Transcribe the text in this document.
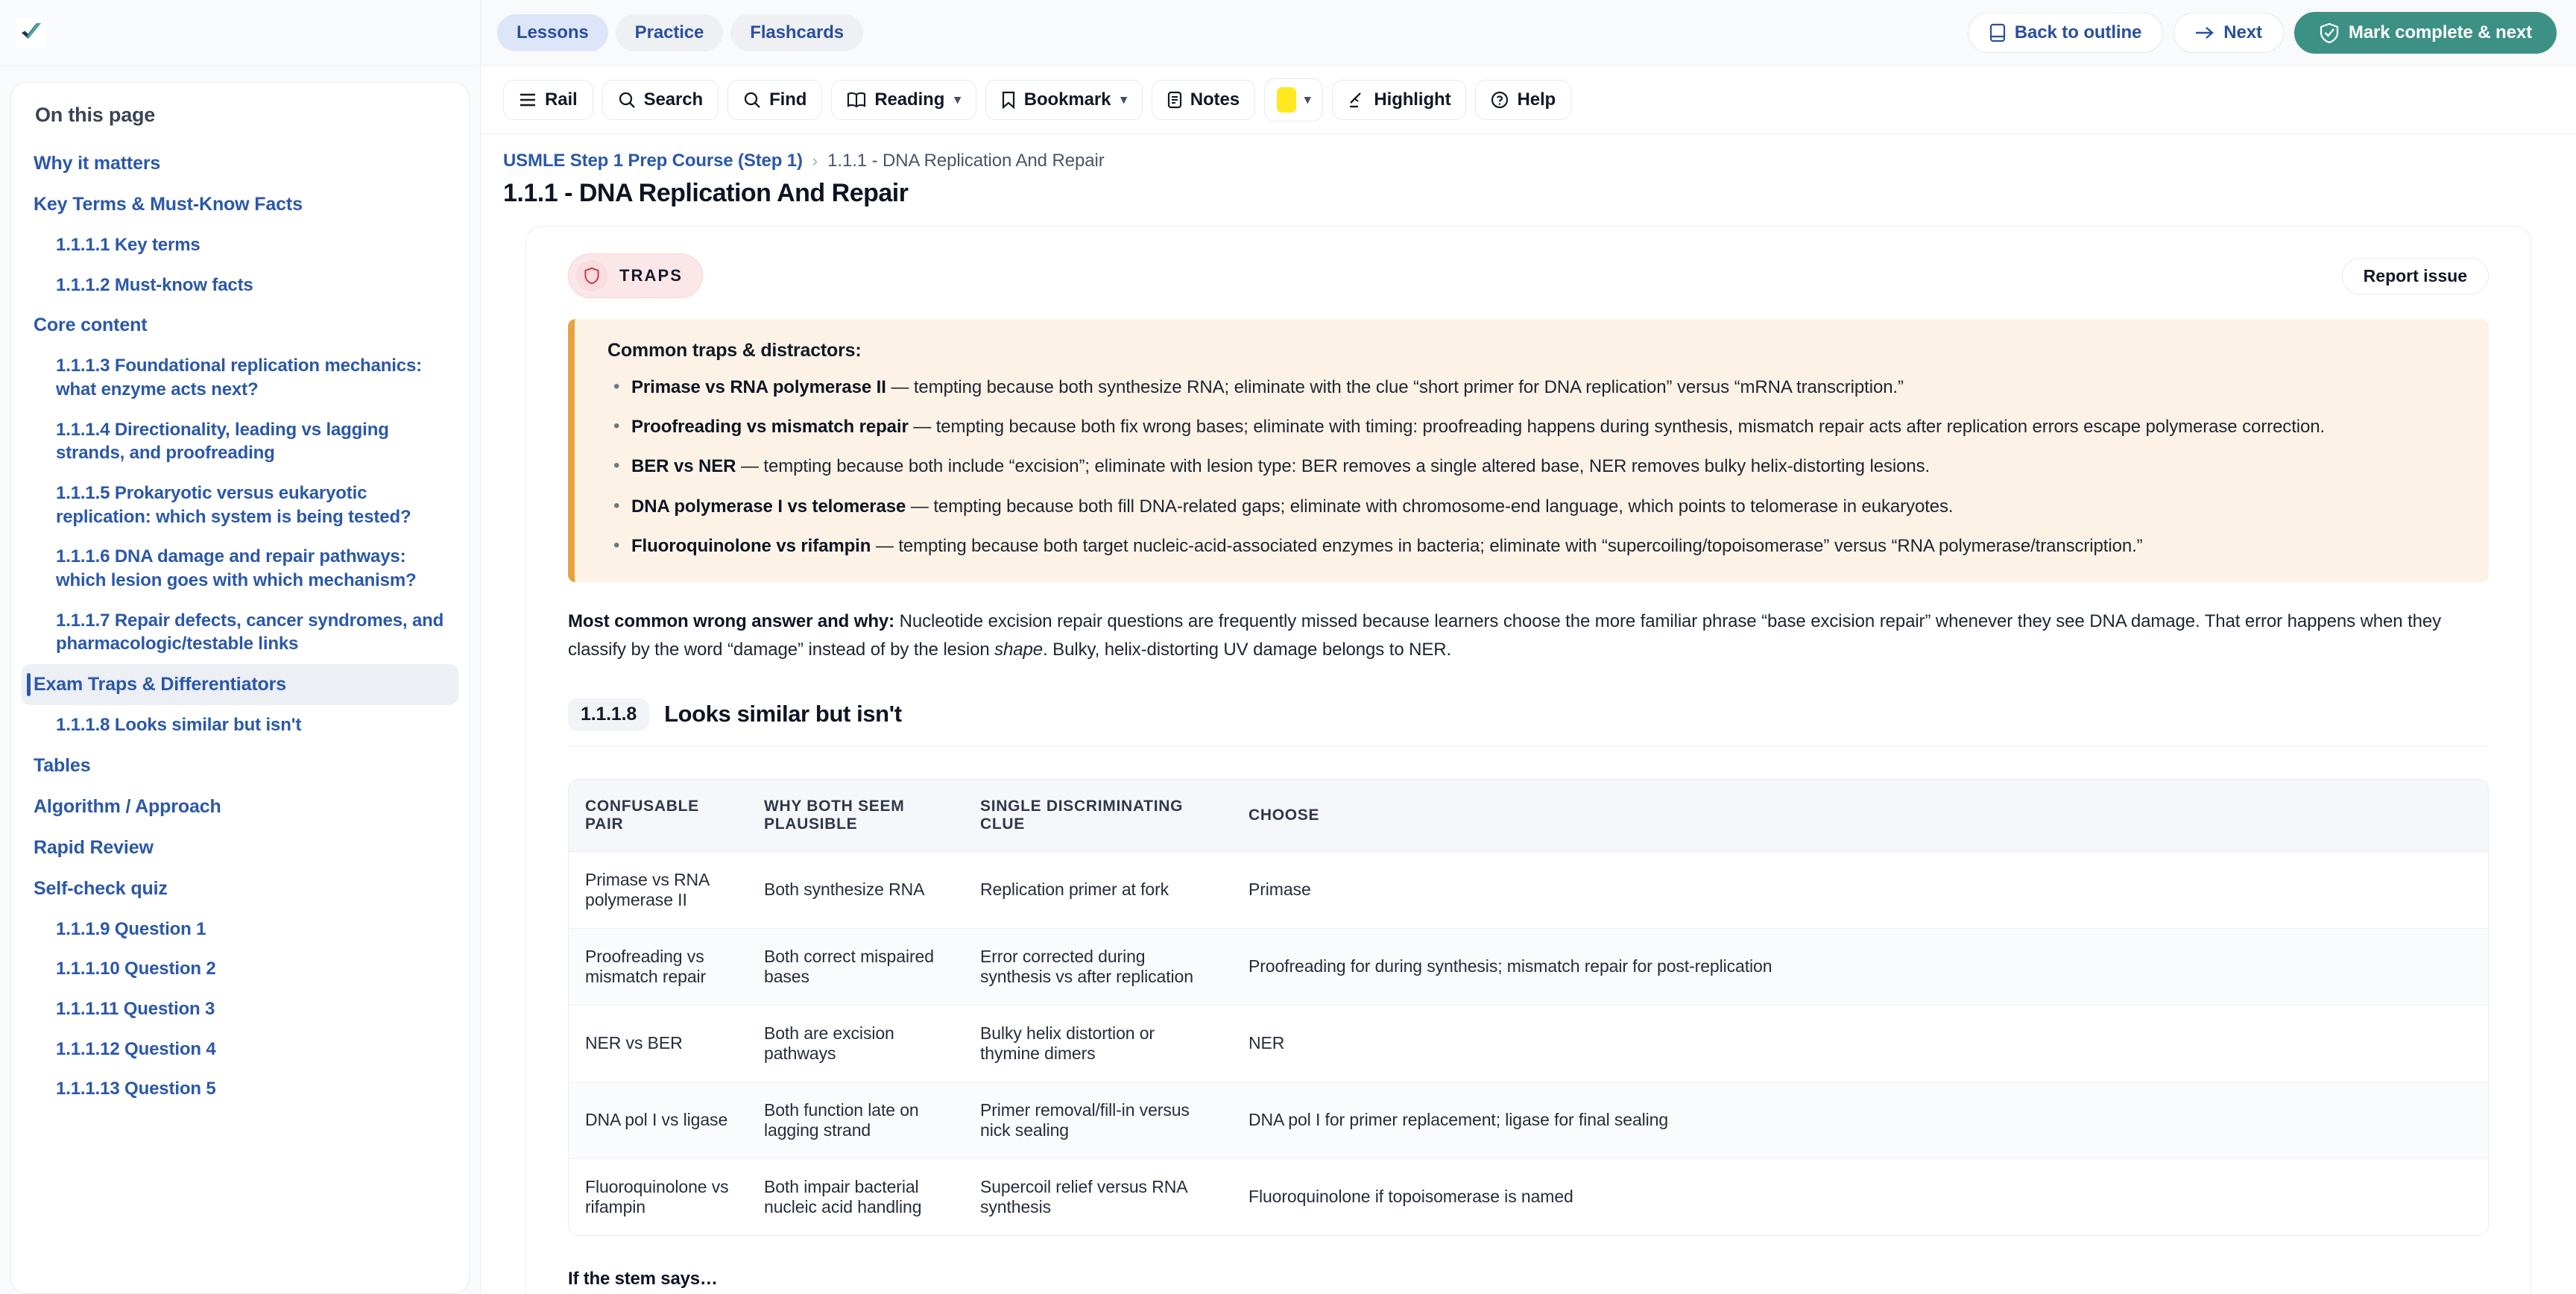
On this page
Why it matters
Key Terms & Must-Know Facts
1.1.1.1 Key terms
1.1.1.2 Must-know facts
Core content
1.1.1.3 Foundational replication mechanics: what enzyme acts next?
1.1.1.4 Directionality, leading vs lagging strands, and proofreading
1.1.1.5 Prokaryotic versus eukaryotic replication: which system is being tested?
1.1.1.6 DNA damage and repair pathways: which lesion goes with which mechanism?
1.1.1.7 Repair defects, cancer syndromes, and pharmacologic/testable links
Exam Traps & Differentiators
1.1.1.8 Looks similar but isn't
Tables
Algorithm / Approach
Rapid Review
Self-check quiz
1.1.1.9 Question 1
1.1.1.10 Question 2
1.1.1.11 Question 3
1.1.1.12 Question 4
1.1.1.13 Question 5
Lessons	Practice	Flashcards	Back to outline	Next	Mark complete & next
Rail	Search	Find	Reading ▾	Bookmark ▾	Notes	▾	Highlight	Help
USMLE Step 1 Prep Course (Step 1) › 1.1.1 - DNA Replication And Repair
1.1.1 - DNA Replication And Repair
TRAPS	Report issue
Common traps & distractors:
• Primase vs RNA polymerase II — tempting because both synthesize RNA; eliminate with the clue “short primer for DNA replication” versus “mRNA transcription.”
• Proofreading vs mismatch repair — tempting because both fix wrong bases; eliminate with timing: proofreading happens during synthesis, mismatch repair acts after replication errors escape polymerase correction.
• BER vs NER — tempting because both include “excision”; eliminate with lesion type: BER removes a single altered base, NER removes bulky helix-distorting lesions.
• DNA polymerase I vs telomerase — tempting because both fill DNA-related gaps; eliminate with chromosome-end language, which points to telomerase in eukaryotes.
• Fluoroquinolone vs rifampin — tempting because both target nucleic-acid-associated enzymes in bacteria; eliminate with “supercoiling/topoisomerase” versus “RNA polymerase/transcription.”

Most common wrong answer and why: Nucleotide excision repair questions are frequently missed because learners choose the more familiar phrase “base excision repair” whenever they see DNA damage. That error happens when they classify by the word “damage” instead of by the lesion shape. Bulky, helix-distorting UV damage belongs to NER.

1.1.1.8	Looks similar but isn't
CONFUSABLE PAIR	WHY BOTH SEEM PLAUSIBLE	SINGLE DISCRIMINATING CLUE	CHOOSE
Primase vs RNA polymerase II	Both synthesize RNA	Replication primer at fork	Primase
Proofreading vs mismatch repair	Both correct mispaired bases	Error corrected during synthesis vs after replication	Proofreading for during synthesis; mismatch repair for post-replication
NER vs BER	Both are excision pathways	Bulky helix distortion or thymine dimers	NER
DNA pol I vs ligase	Both function late on lagging strand	Primer removal/fill-in versus nick sealing	DNA pol I for primer replacement; ligase for final sealing
Fluoroquinolone vs rifampin	Both impair bacterial nucleic acid handling	Supercoil relief versus RNA synthesis	Fluoroquinolone if topoisomerase is named
If the stem says…
